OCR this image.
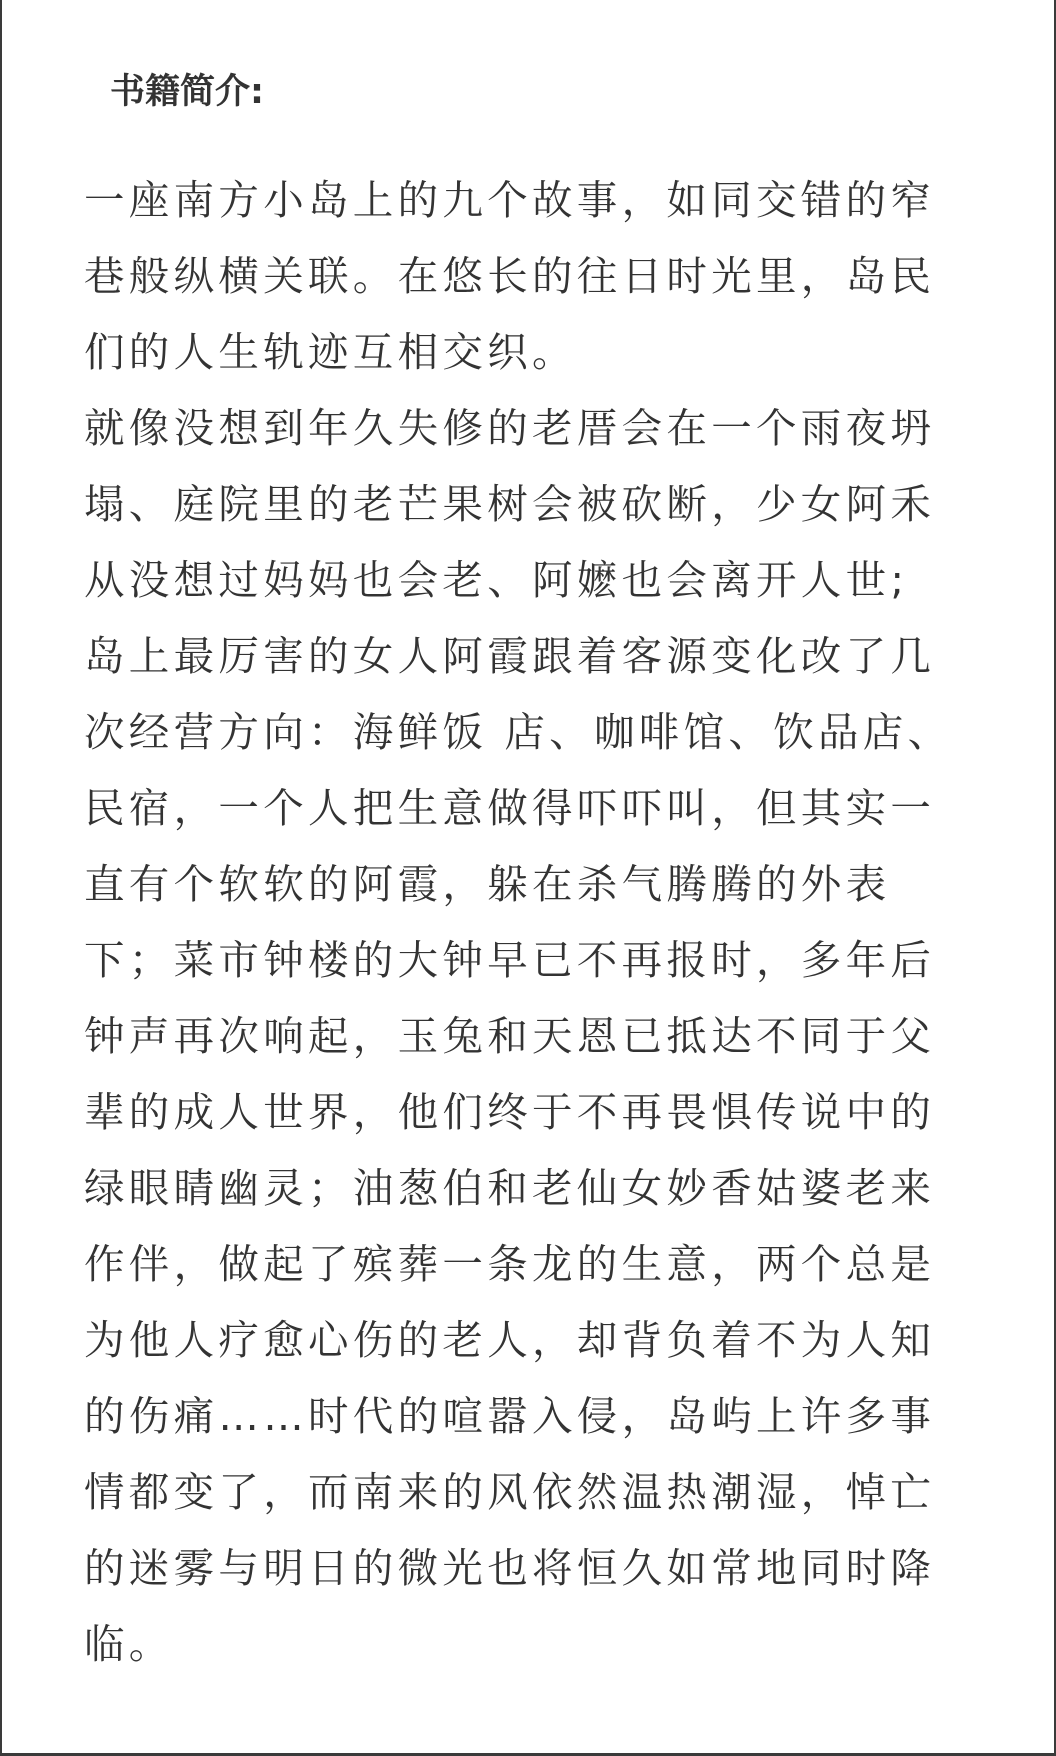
书籍简介:

一座南方小岛上的九个故事，如同交错的窄

巷般纵横关联。在悠长的往日时光里，岛民

们的人生轨迹互相交织。

就像没想到年久失修的老厝会在一个雨夜坍

塌、庭院里的老芒果树会被砍断，少女阿禾

从没想过妈妈也会老、阿嬷也会离开人世;

岛上最厉害的女人阿霞跟着客源变化改了几

次经营方向：海鲜饭 店、咖啡馆、饮品店、

民宿，一个人把生意做得吓吓叫，但其实一

直有个软软的阿霞，躲在杀气腾腾的外表

下；菜市钟楼的大钟早已不再报时，多年后

钟声再次响起，玉兔和天恩已抵达不同于父

辈的成人世界，他们终于不再畏惧传说中的

绿眼睛幽灵；油葱伯和老仙女妙香姑婆老来

作伴，做起了殡葬一条龙的生意，两个总是

为他人疗愈心伤的老人，却背负着不为人知

的伤痛……时代的喧嚣入侵，岛屿上许多事

情都变了，而南来的风依然温热潮湿，悼亡

的迷雾与明日的微光也将恒久如常地同时降

临。
